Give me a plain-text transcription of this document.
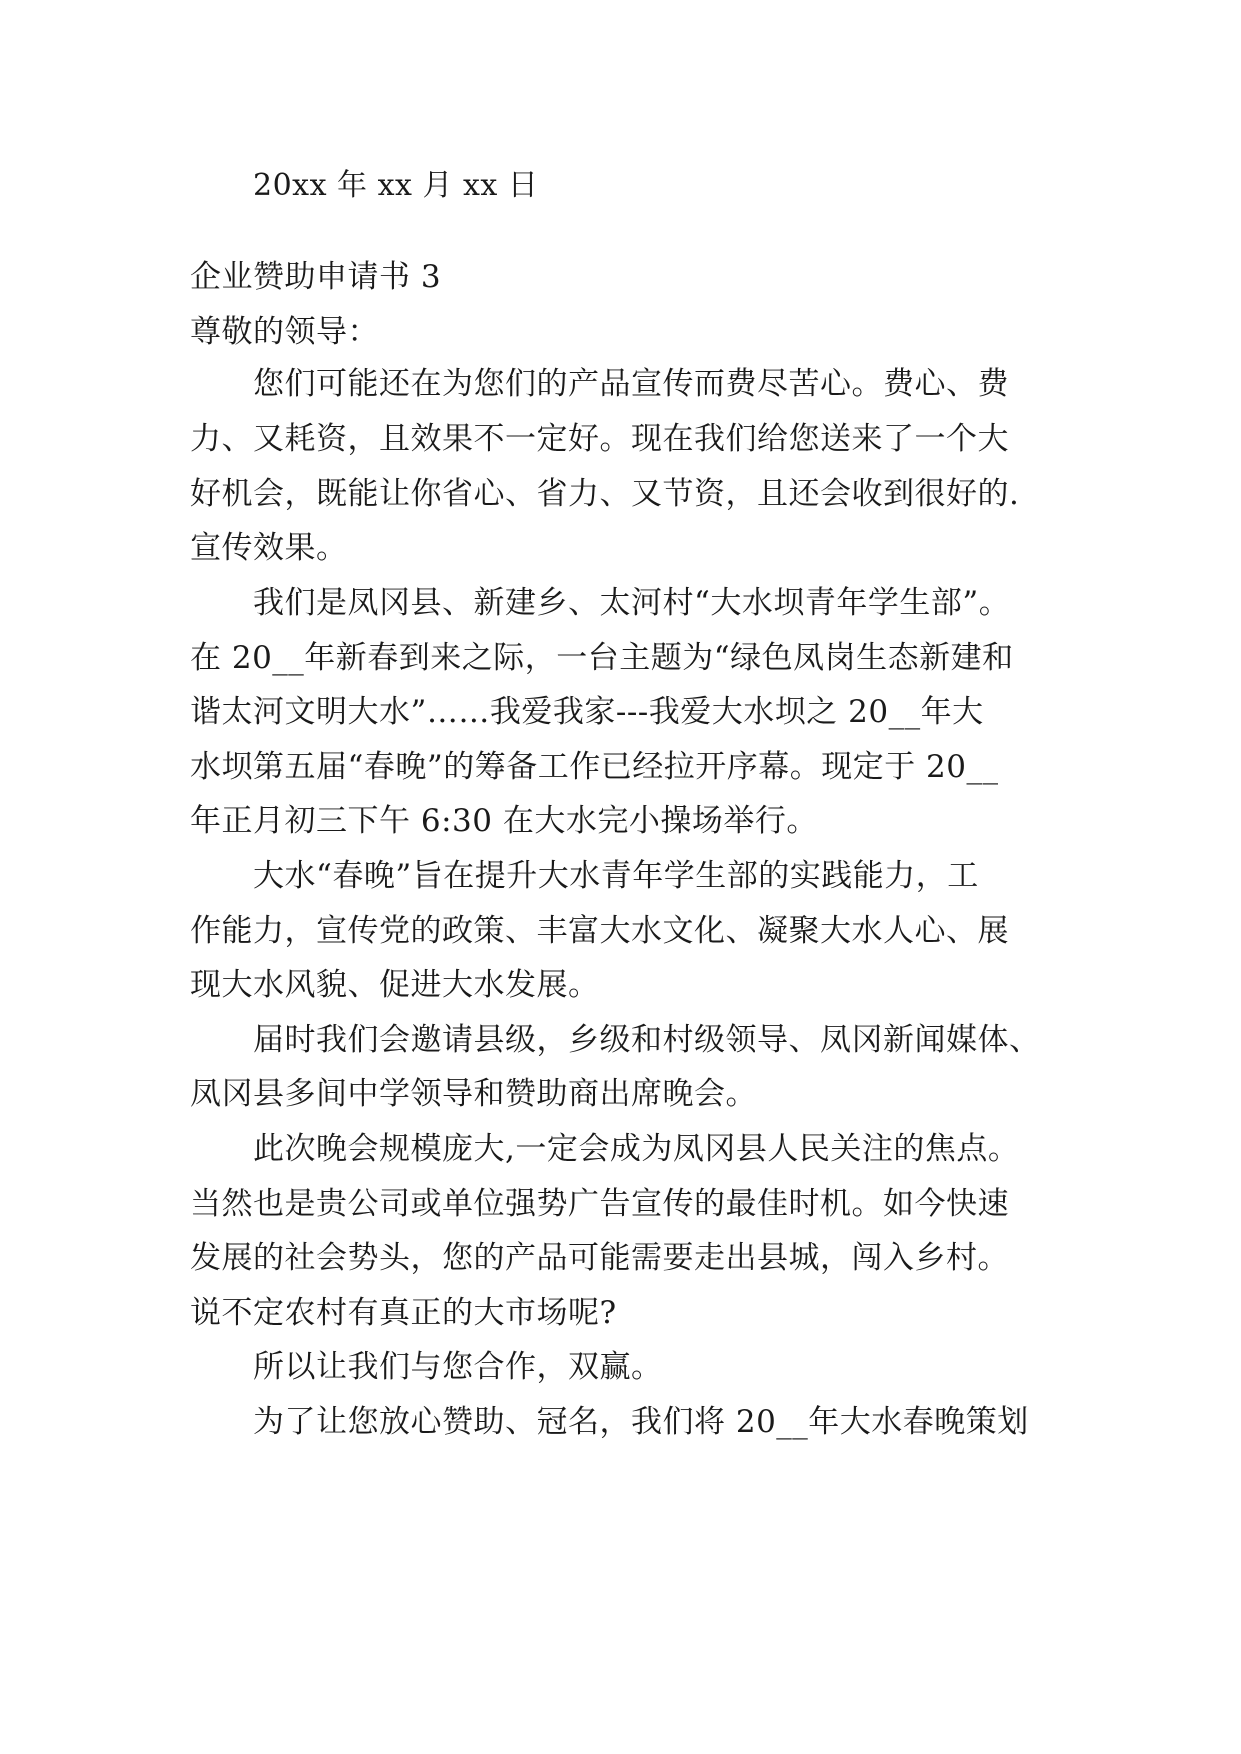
20xx 年 xx 月 xx 日
企业赞助申请书 3
尊敬的领导：
您们可能还在为您们的产品宣传而费尽苦心。费心、费
力、又耗资，且效果不一定好。现在我们给您送来了一个大
好机会，既能让你省心、省力、又节资，且还会收到很好的.
宣传效果。
我们是凤冈县、新建乡、太河村“大水坝青年学生部”。
在 20__年新春到来之际，一台主题为“绿色凤岗生态新建和
谐太河文明大水”……我爱我家---我爱大水坝之 20__年大
水坝第五届“春晚”的筹备工作已经拉开序幕。现定于 20__
年正月初三下午 6:30 在大水完小操场举行。
大水“春晚”旨在提升大水青年学生部的实践能力，工
作能力，宣传党的政策、丰富大水文化、凝聚大水人心、展
现大水风貌、促进大水发展。
届时我们会邀请县级，乡级和村级领导、凤冈新闻媒体、
凤冈县多间中学领导和赞助商出席晚会。
此次晚会规模庞大,一定会成为凤冈县人民关注的焦点。
当然也是贵公司或单位强势广告宣传的最佳时机。如今快速
发展的社会势头，您的产品可能需要走出县城，闯入乡村。
说不定农村有真正的大市场呢?
所以让我们与您合作，双赢。
为了让您放心赞助、冠名，我们将 20__年大水春晚策划
